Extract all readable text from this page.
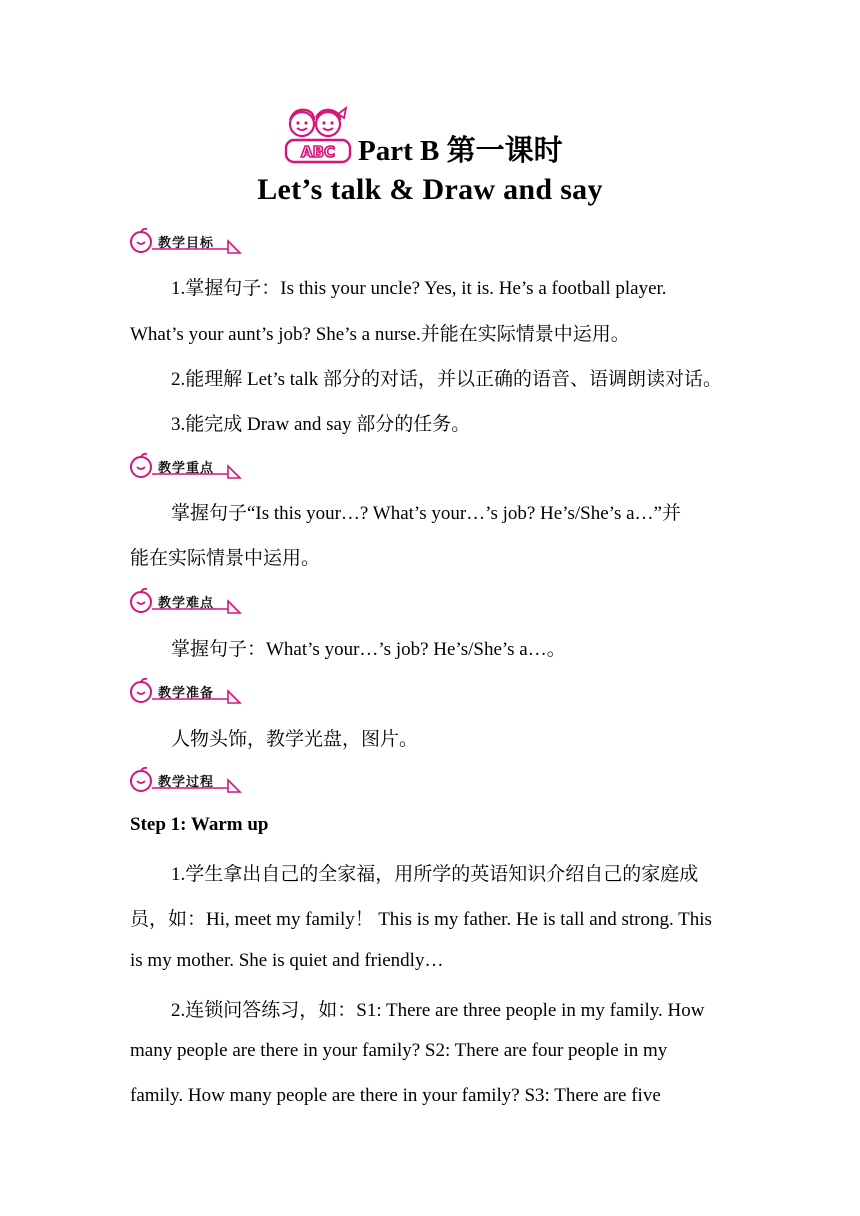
ABC Part B 第一课时
Let’s talk & Draw and say
教学目标
1.掌握句子：Is this your uncle? Yes, it is. He’s a football player.
What’s your aunt’s job? She’s a nurse.并能在实际情景中运用。
2.能理解 Let’s talk 部分的对话，并以正确的语音、语调朗读对话。
3.能完成 Draw and say 部分的任务。
教学重点
掌握句子“Is this your…? What’s your…’s job? He’s/She’s a…”并
能在实际情景中运用。
教学难点
掌握句子：What’s your…’s job? He’s/She’s a…。
教学准备
人物头饰，教学光盘，图片。
教学过程
Step 1: Warm up
1.学生拿出自己的全家福，用所学的英语知识介绍自己的家庭成
员，如：Hi, meet my family！ This is my father. He is tall and strong. This
is my mother. She is quiet and friendly…
2.连锁问答练习，如：S1: There are three people in my family. How
many people are there in your family? S2: There are four people in my
family. How many people are there in your family? S3: There are five
